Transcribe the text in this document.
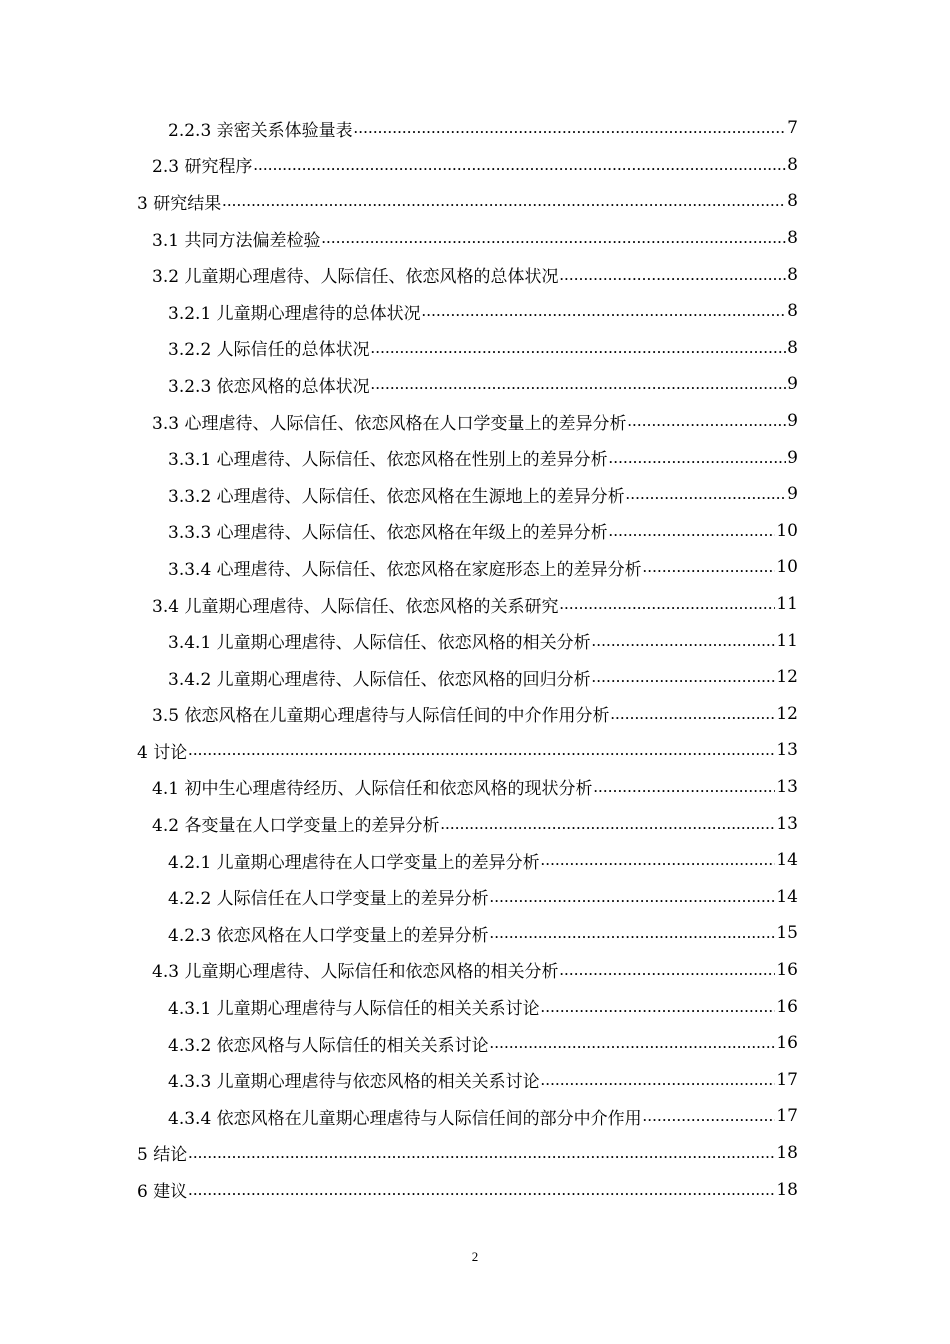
2.2.3 亲密关系体验量表 .....	7
2.3 研究程序 .....	8
3 研究结果 .....	8
3.1 共同方法偏差检验 .....	8
3.2 儿童期心理虐待、人际信任、依恋风格的总体状况 .....	8
3.2.1 儿童期心理虐待的总体状况 .....	8
3.2.2 人际信任的总体状况 .....	8
3.2.3 依恋风格的总体状况 .....	9
3.3 心理虐待、人际信任、依恋风格在人口学变量上的差异分析 .....	9
3.3.1 心理虐待、人际信任、依恋风格在性别上的差异分析 .....	9
3.3.2 心理虐待、人际信任、依恋风格在生源地上的差异分析 .....	9
3.3.3 心理虐待、人际信任、依恋风格在年级上的差异分析 .....	10
3.3.4 心理虐待、人际信任、依恋风格在家庭形态上的差异分析 .....	10
3.4 儿童期心理虐待、人际信任、依恋风格的关系研究 .....	11
3.4.1 儿童期心理虐待、人际信任、依恋风格的相关分析 .....	11
3.4.2 儿童期心理虐待、人际信任、依恋风格的回归分析 .....	12
3.5 依恋风格在儿童期心理虐待与人际信任间的中介作用分析 .....	12
4 讨论 .....	13
4.1 初中生心理虐待经历、人际信任和依恋风格的现状分析 .....	13
4.2 各变量在人口学变量上的差异分析 .....	13
4.2.1 儿童期心理虐待在人口学变量上的差异分析 .....	14
4.2.2 人际信任在人口学变量上的差异分析 .....	14
4.2.3 依恋风格在人口学变量上的差异分析 .....	15
4.3 儿童期心理虐待、人际信任和依恋风格的相关分析 .....	16
4.3.1 儿童期心理虐待与人际信任的相关关系讨论 .....	16
4.3.2 依恋风格与人际信任的相关关系讨论 .....	16
4.3.3 儿童期心理虐待与依恋风格的相关关系讨论 .....	17
4.3.4 依恋风格在儿童期心理虐待与人际信任间的部分中介作用 .....	17
5 结论 .....	18
6 建议 .....	18
2
